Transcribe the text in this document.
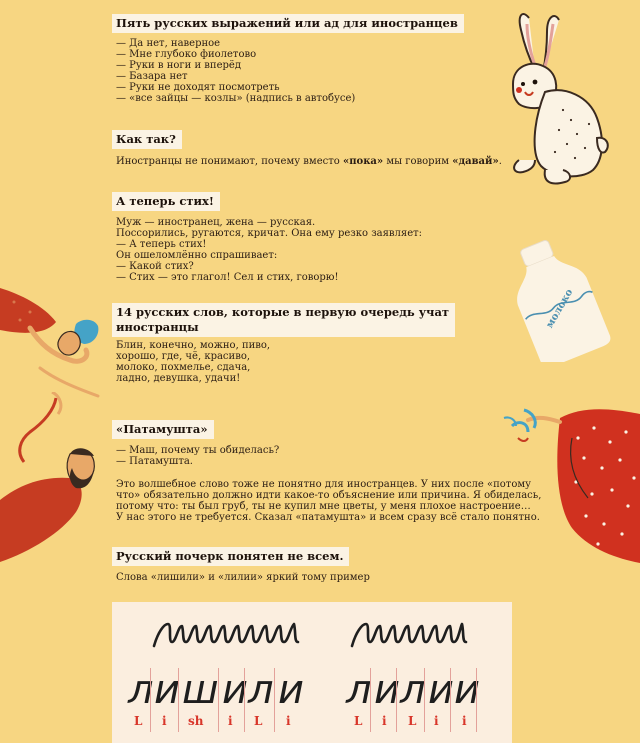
Пять русских выражений или ад для иностранцев
— Да нет, наверное
— Мне глубоко фиолетово
— Руки в ноги и вперёд
— Базара нет
— Руки не доходят посмотреть
— «все зайцы — козлы» (надпись в автобусе)
Как так?
Иностранцы не понимают, почему вместо «пока» мы говорим «давай».
А теперь стих!
Муж — иностранец, жена — русская.
Поссорились, ругаются, кричат. Она ему резко заявляет:
— А теперь стих!
Он ошеломлённо спрашивает:
— Какой стих?
— Стих — это глагол! Сел и стих, говорю!
14 русских слов, которые в первую очередь учат
иностранцы
Блин, конечно, можно, пиво,
хорошо, где, чё, красиво,
молоко, похмелье, сдача,
ладно, девушка, удачи!
«Патамушта»
— Маш, почему ты обиделась?
— Патамушта.
Это волшебное слово тоже не понятно для иностранцев. У них после «потому
что» обязательно должно идти какое-то объяснение или причина. Я обиделась,
потому что: ты был груб, ты не купил мне цветы, у меня плохое настроение…
У нас этого не требуется. Сказал «патамушта» и всем сразу всё стало понятно.
Русский почерк понятен не всем.
Слова «лишили» и «лилии» яркий тому пример
л и ш и л и
L i sh i L i
л и л и и
L i L i i
молоко
